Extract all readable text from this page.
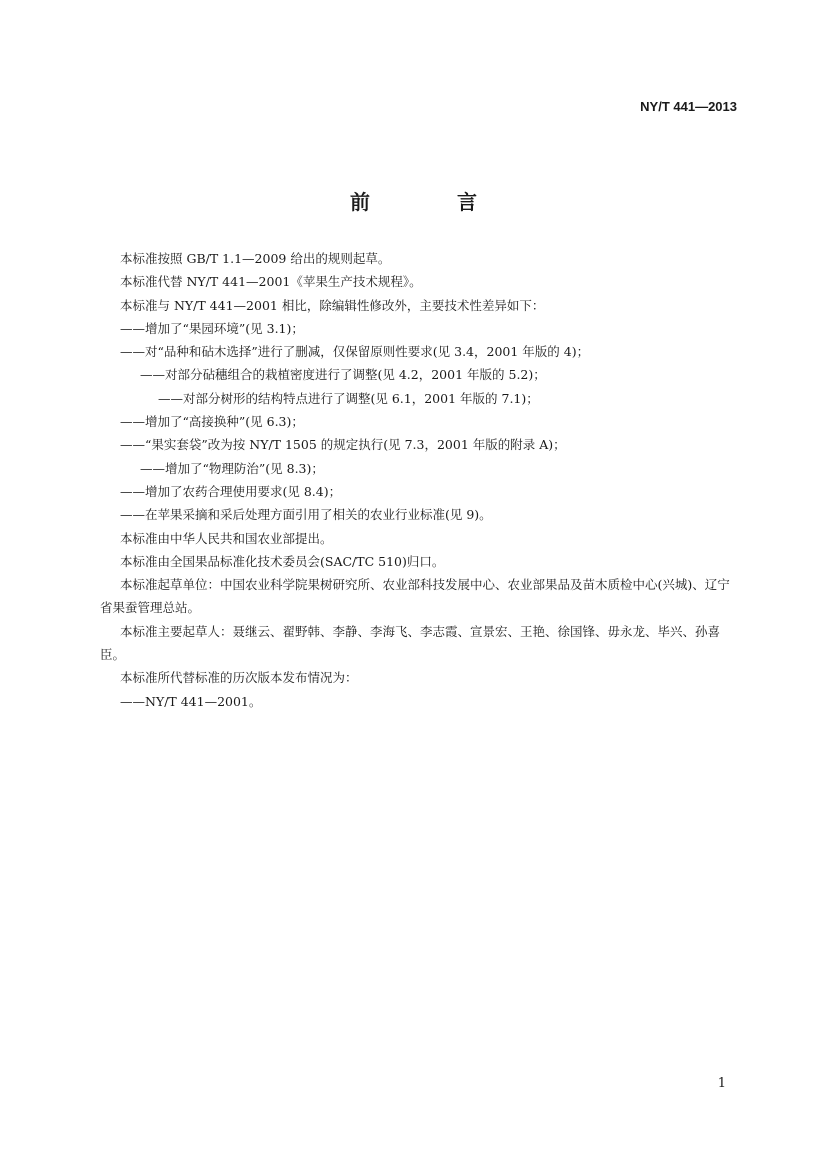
NY/T 441—2013
前 言
本标准按照 GB/T 1.1—2009 给出的规则起草。
本标准代替 NY/T 441—2001《苹果生产技术规程》。
本标准与 NY/T 441—2001 相比，除编辑性修改外，主要技术性差异如下：
——增加了“果园环境”(见 3.1)；
——对“品种和砧木选择”进行了删减，仅保留原则性要求(见 3.4，2001 年版的 4)；
——对部分砧穗组合的栽植密度进行了调整(见 4.2，2001 年版的 5.2)；
——对部分树形的结构特点进行了调整(见 6.1，2001 年版的 7.1)；
——增加了“高接换种”(见 6.3)；
——“果实套袋”改为按 NY/T 1505 的规定执行(见 7.3，2001 年版的附录 A)；
——增加了“物理防治”(见 8.3)；
——增加了农药合理使用要求(见 8.4)；
——在苹果采摘和采后处理方面引用了相关的农业行业标准(见 9)。
本标准由中华人民共和国农业部提出。
本标准由全国果品标准化技术委员会(SAC/TC 510)归口。
本标准起草单位：中国农业科学院果树研究所、农业部科技发展中心、农业部果品及苗木质检中心(兴城)、辽宁省果蚕管理总站。
本标准主要起草人：聂继云、翟野韩、李静、李海飞、李志霞、宣景宏、王艳、徐国锋、毋永龙、毕兴、孙喜臣。
本标准所代替标准的历次版本发布情况为：
——NY/T 441—2001。
1
